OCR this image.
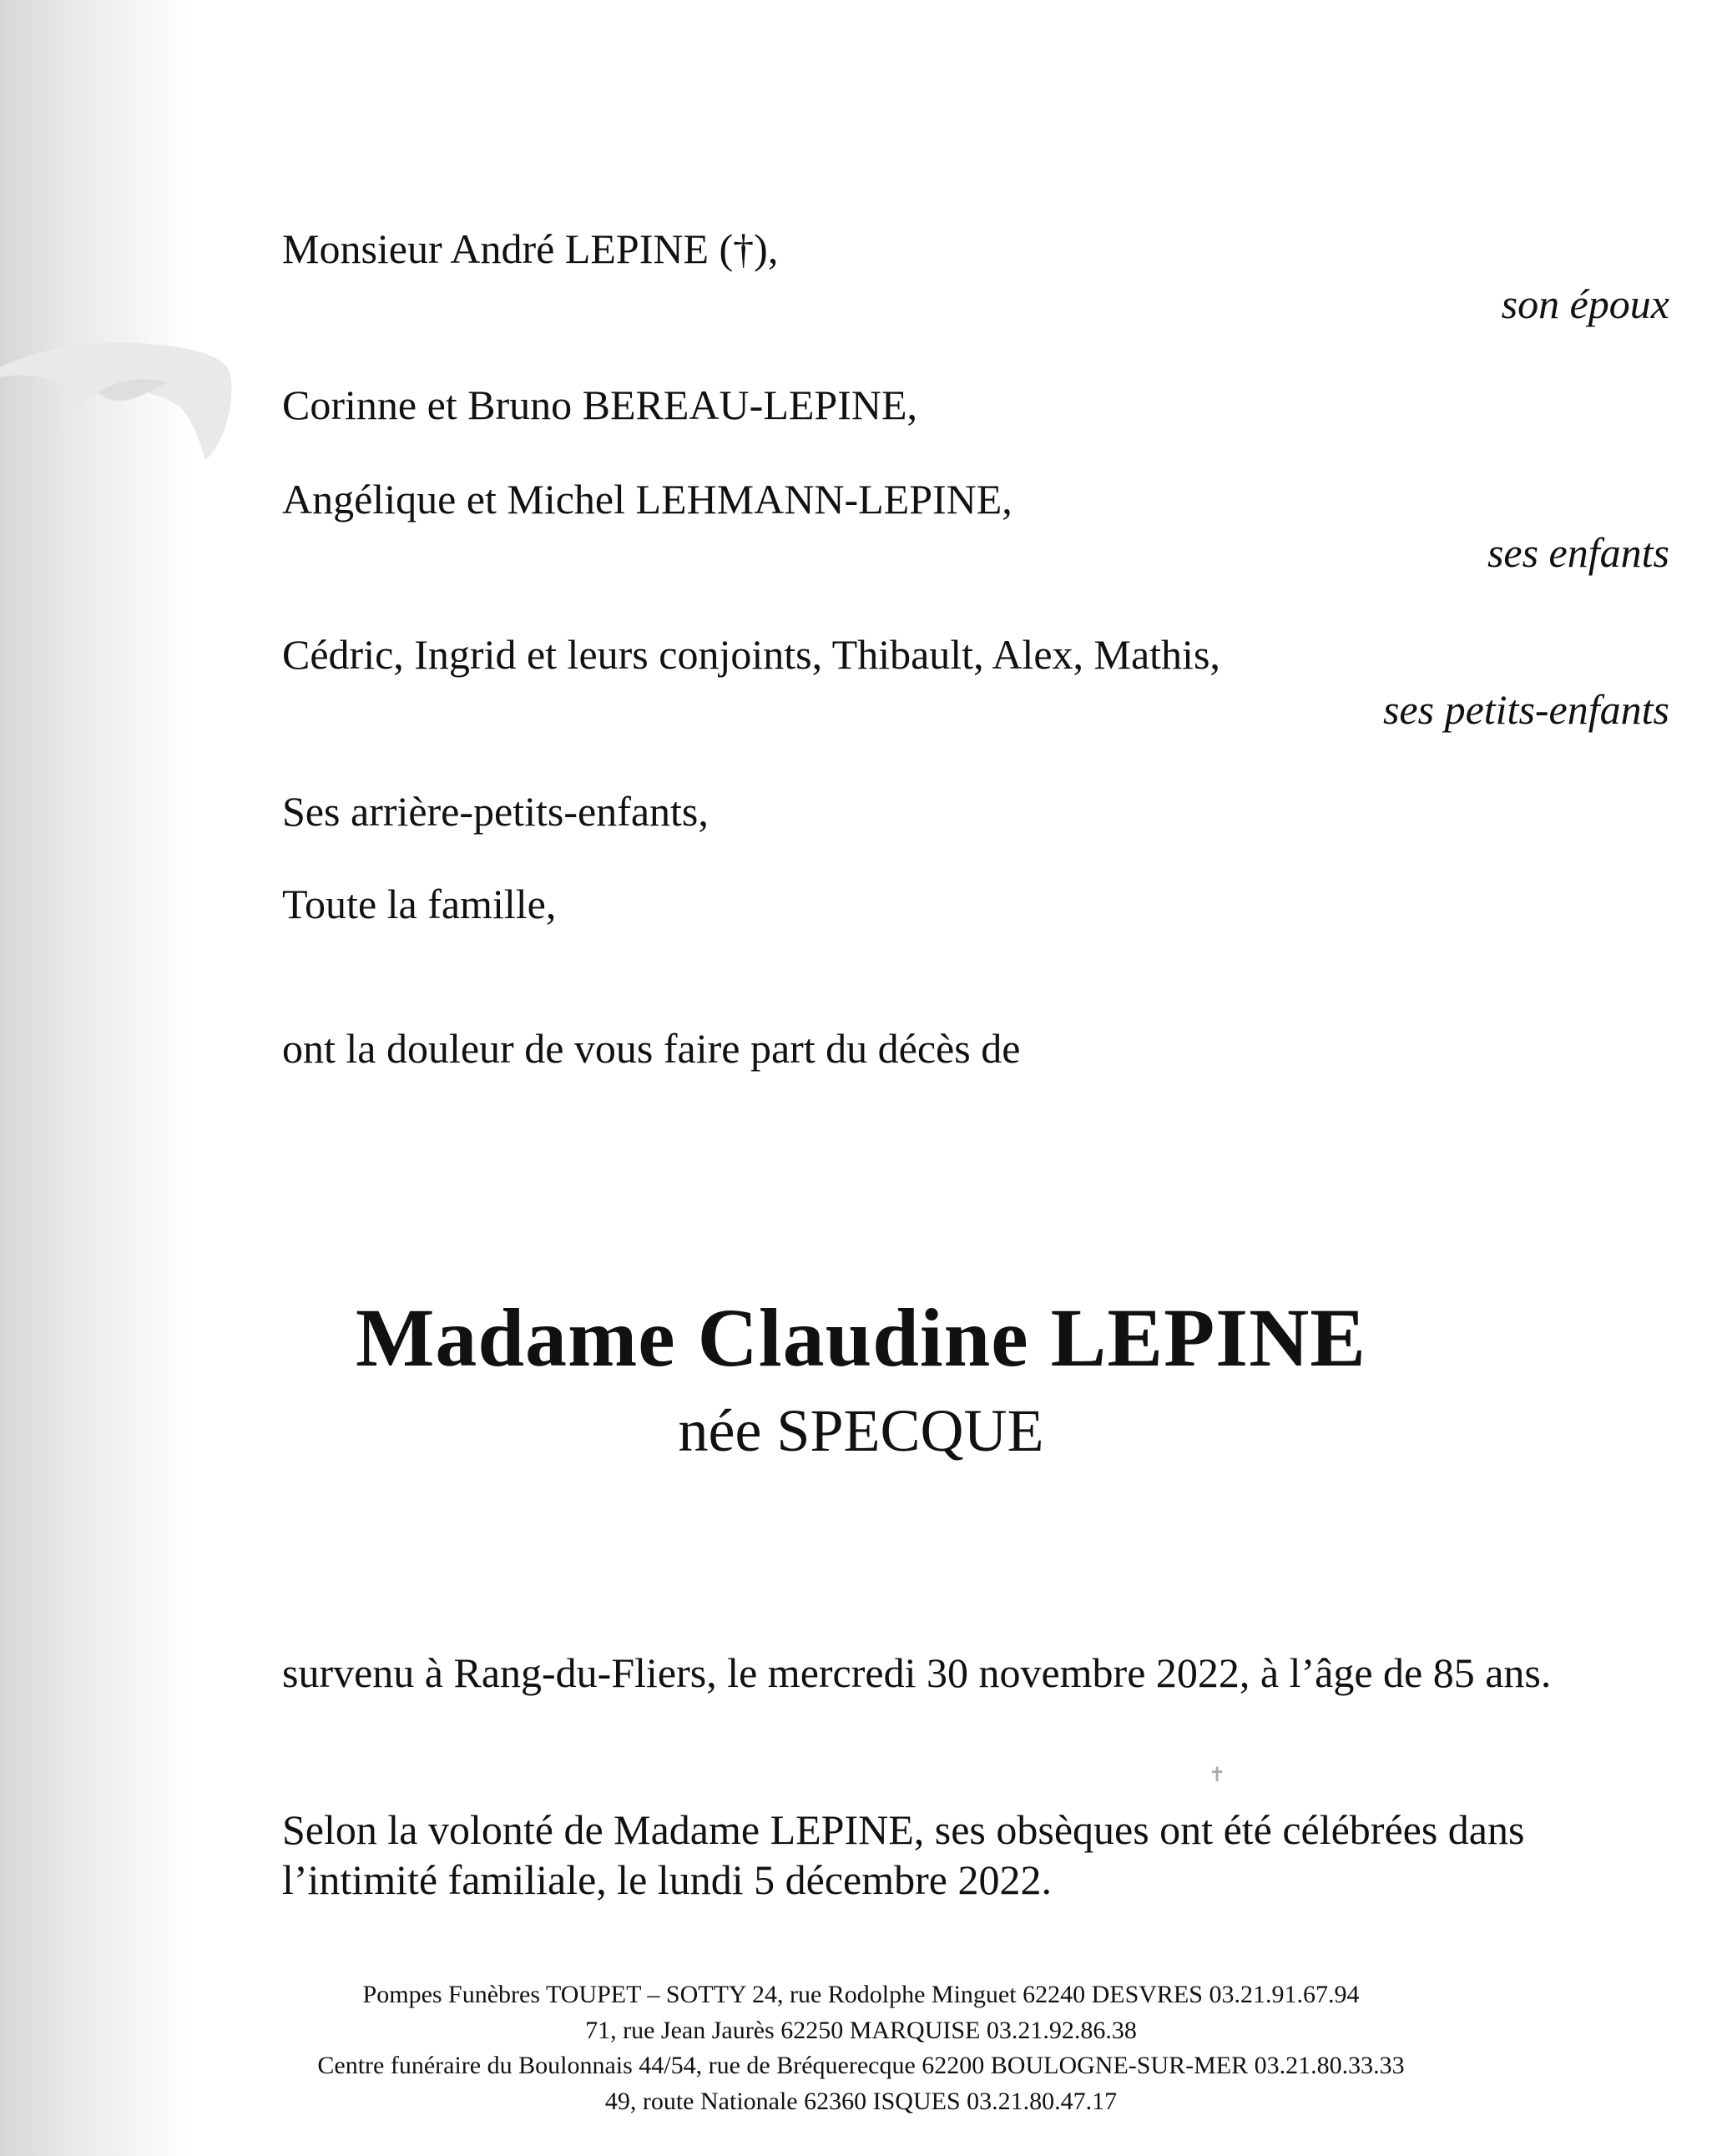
Monsieur André LEPINE (†),
son époux
Corinne et Bruno BEREAU-LEPINE,
Angélique et Michel LEHMANN-LEPINE,
ses enfants
Cédric, Ingrid et leurs conjoints, Thibault, Alex, Mathis,
ses petits-enfants
Ses arrière-petits-enfants,
Toute la famille,
ont la douleur de vous faire part du décès de
Madame Claudine LEPINE
née SPECQUE
survenu à Rang-du-Fliers, le mercredi 30 novembre 2022, à l’âge de 85 ans.
✝
Selon la volonté de Madame LEPINE, ses obsèques ont été célébrées dans l’intimité familiale, le lundi 5 décembre 2022.
Pompes Funèbres TOUPET – SOTTY 24, rue Rodolphe Minguet 62240 DESVRES 03.21.91.67.94
71, rue Jean Jaurès 62250 MARQUISE 03.21.92.86.38
Centre funéraire du Boulonnais 44/54, rue de Bréquerecque 62200 BOULOGNE-SUR-MER 03.21.80.33.33
49, route Nationale 62360 ISQUES 03.21.80.47.17
